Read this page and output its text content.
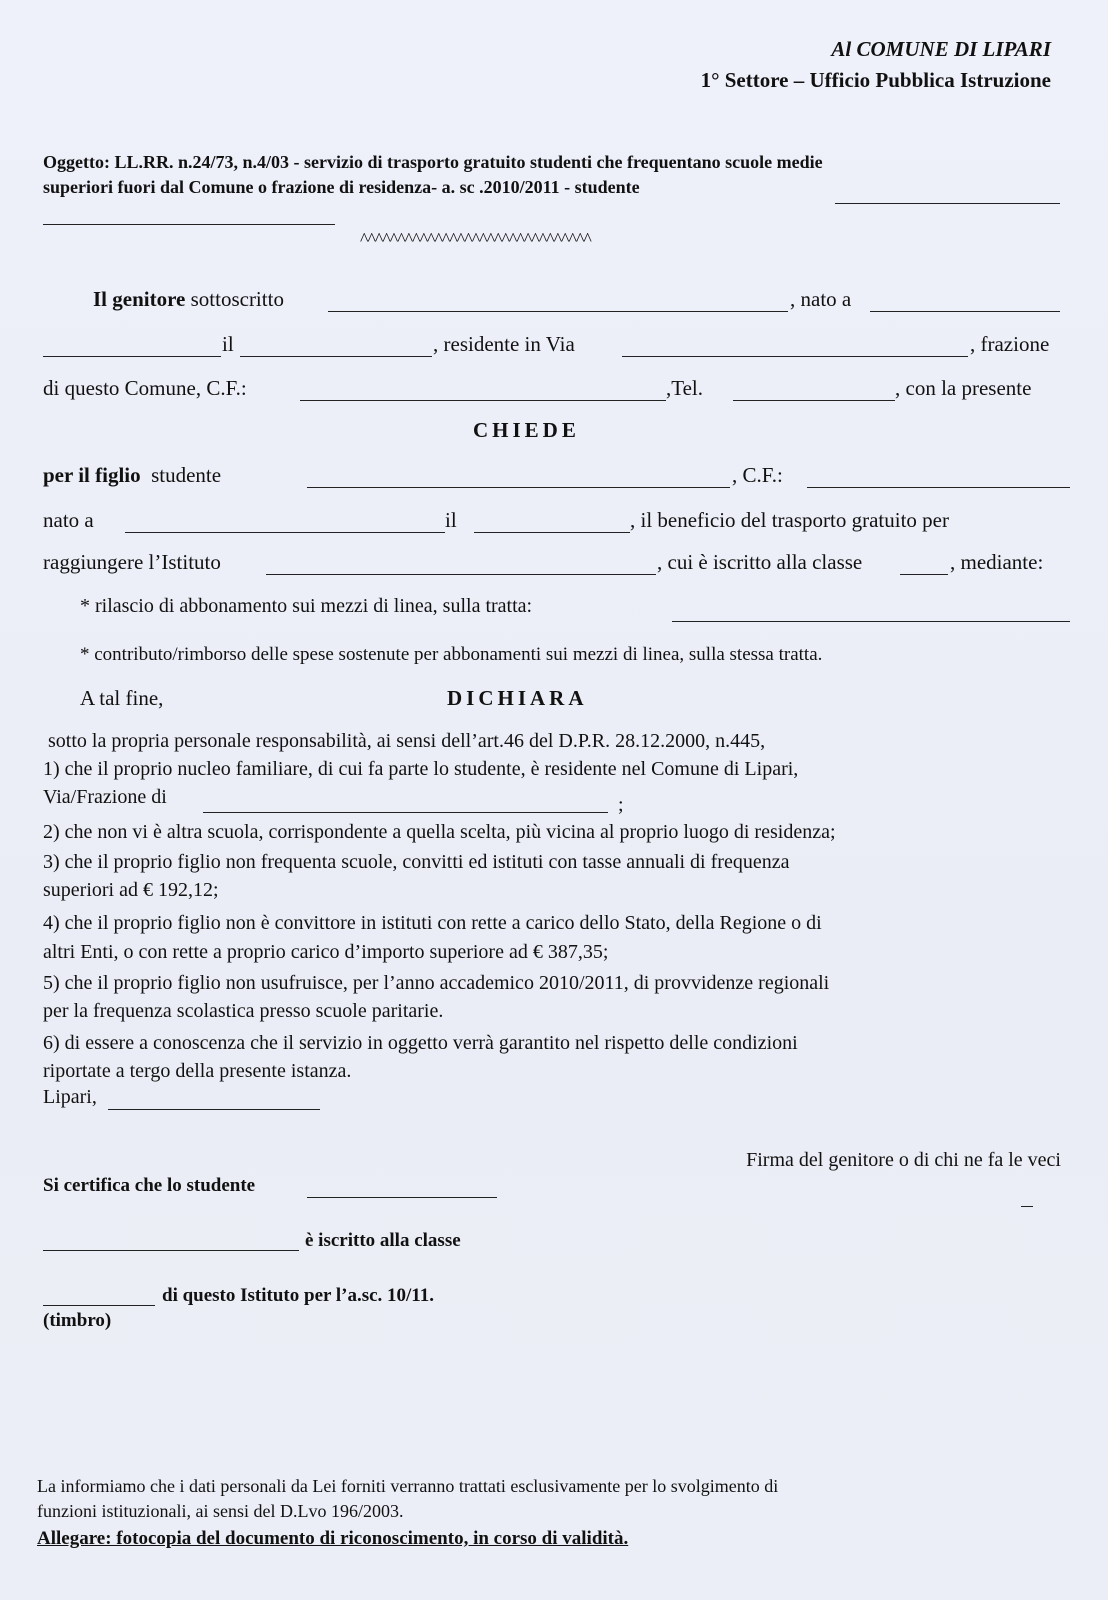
Al COMUNE DI LIPARI
1° Settore – Ufficio Pubblica Istruzione
Oggetto: LL.RR. n.24/73, n.4/03 - servizio di trasporto gratuito studenti che frequentano scuole medie
superiori fuori dal Comune o frazione di residenza- a. sc .2010/2011 - studente
^^^^^^^^^^^^^^^^^^^^^^^^^^^^^^^
Il genitore sottoscritto	, nato a
il	, residente in Via	, frazione
di questo Comune, C.F.:	,Tel.	, con la presente
CHIEDE
per il figlio studente	, C.F.:
nato a	il	, il beneficio del trasporto gratuito per
raggiungere l’Istituto	, cui è iscritto alla classe	, mediante:
* rilascio di abbonamento sui mezzi di linea, sulla tratta:
* contributo/rimborso delle spese sostenute per abbonamenti sui mezzi di linea, sulla stessa tratta.
A tal fine,	DICHIARA
sotto la propria personale responsabilità, ai sensi dell’art.46 del D.P.R. 28.12.2000, n.445,
1) che il proprio nucleo familiare, di cui fa parte lo studente, è residente nel Comune di Lipari,
Via/Frazione di	;
2) che non vi è altra scuola, corrispondente a quella scelta, più vicina al proprio luogo di residenza;
3) che il proprio figlio non frequenta scuole, convitti ed istituti con tasse annuali di frequenza
superiori ad € 192,12;
4) che il proprio figlio non è convittore in istituti con rette a carico dello Stato, della Regione o di
altri Enti, o con rette a proprio carico d’importo superiore ad € 387,35;
5) che il proprio figlio non usufruisce, per l’anno accademico 2010/2011, di provvidenze regionali
per la frequenza scolastica presso scuole paritarie.
6) di essere a conoscenza che il servizio in oggetto verrà garantito nel rispetto delle condizioni
riportate a tergo della presente istanza.
Lipari,
Firma del genitore o di chi ne fa le veci
Si certifica che lo studente
è iscritto alla classe
di questo Istituto per l’a.sc. 10/11.
(timbro)
La informiamo che i dati personali da Lei forniti verranno trattati esclusivamente per lo svolgimento di
funzioni istituzionali, ai sensi del D.Lvo 196/2003.
Allegare: fotocopia del documento di riconoscimento, in corso di validità.
